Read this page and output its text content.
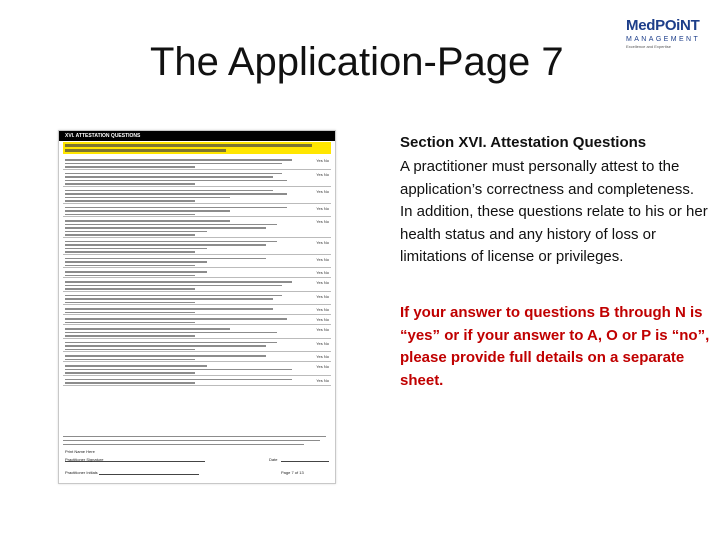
The Application-Page 7
MedPOiNT
MANAGEMENT
Excellence and Expertise
XVI. ATTESTATION QUESTIONS
Yes No
Yes No
Yes No
Yes No
Yes No
Yes No
Yes No
Yes No
Yes No
Yes No
Yes No
Yes No
Yes No
Yes No
Yes No
Yes No
Yes No
Print Name Here
Practitioner Signature	Date
Practitioner Initials	Page 7 of 13
Section XVI. Attestation Questions
A practitioner must personally attest to the application’s correctness and completeness. In addition, these questions relate to his or her health status and any history of loss or limitations of license or privileges.
If your answer to questions B through N is “yes” or if your answer to A, O or P is “no”, please provide full details on a separate sheet.
